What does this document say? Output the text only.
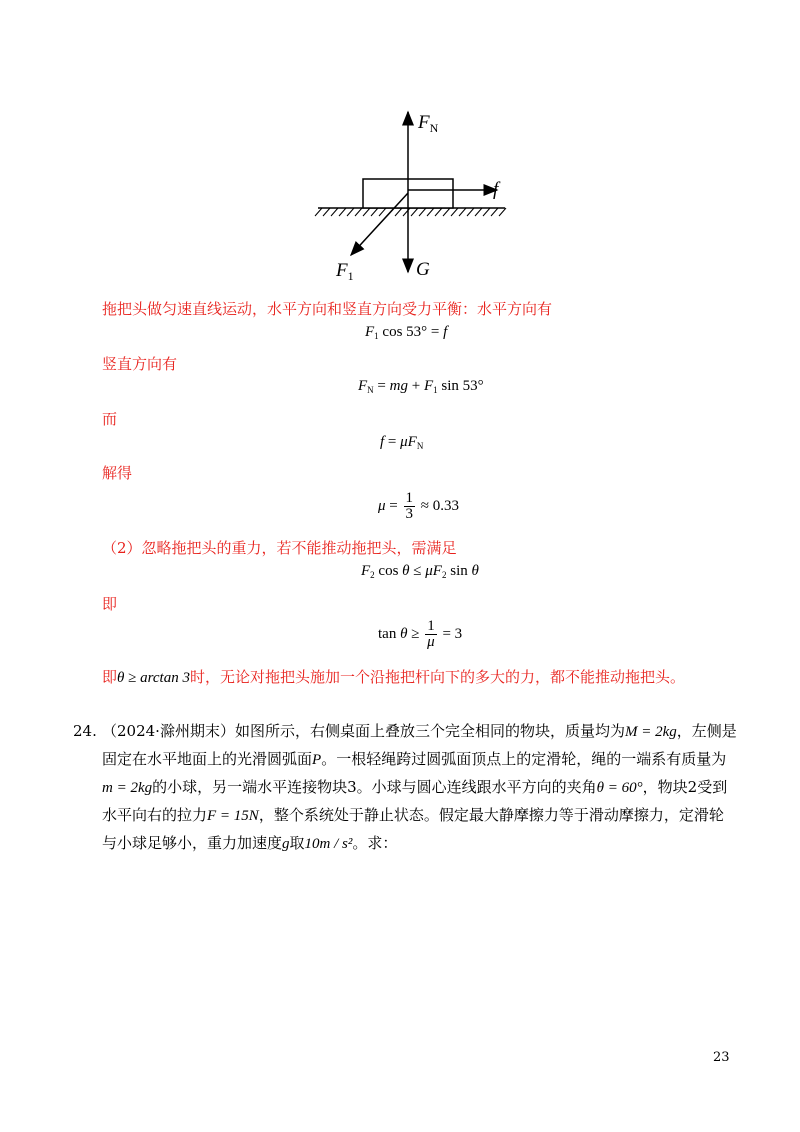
$F_N$
f
$F_1$	G
拖把头做匀速直线运动，水平方向和竖直方向受力平衡：水平方向有
$F_1$ cos 53° = f
竖直方向有
$F_N$ = mg + $F_1$ sin 53°
而
$f = \mu F_N$
解得
$\mu = \frac{1}{3} \approx 0.33$
（2）忽略拖把头的重力，若不能推动拖把头，需满足
$F_2$ $\cos \theta \le \mu F_2$ sin θ
即
$\tan \theta \ge \frac{1}{\mu} = 3$
即θ ≥ arctan 3时，无论对拖把头施加一个沿拖把杆向下的多大的力，都不能推动拖把头。
24. （2024·滁州期末）如图所示，右侧桌面上叠放三个完全相同的物块，质量均为M = 2kg，左侧是
固定在水平地面上的光滑圆弧面P。一根轻绳跨过圆弧面顶点上的定滑轮，绳的一端系有质量为
m = 2kg的小球，另一端水平连接物块3。小球与圆心连线跟水平方向的夹角θ = 60°，物块2受到
水平向右的拉力F = 15N，整个系统处于静止状态。假定最大静摩擦力等于滑动摩擦力，定滑轮
与小球足够小，重力加速度g取10m / s²。求：
23
